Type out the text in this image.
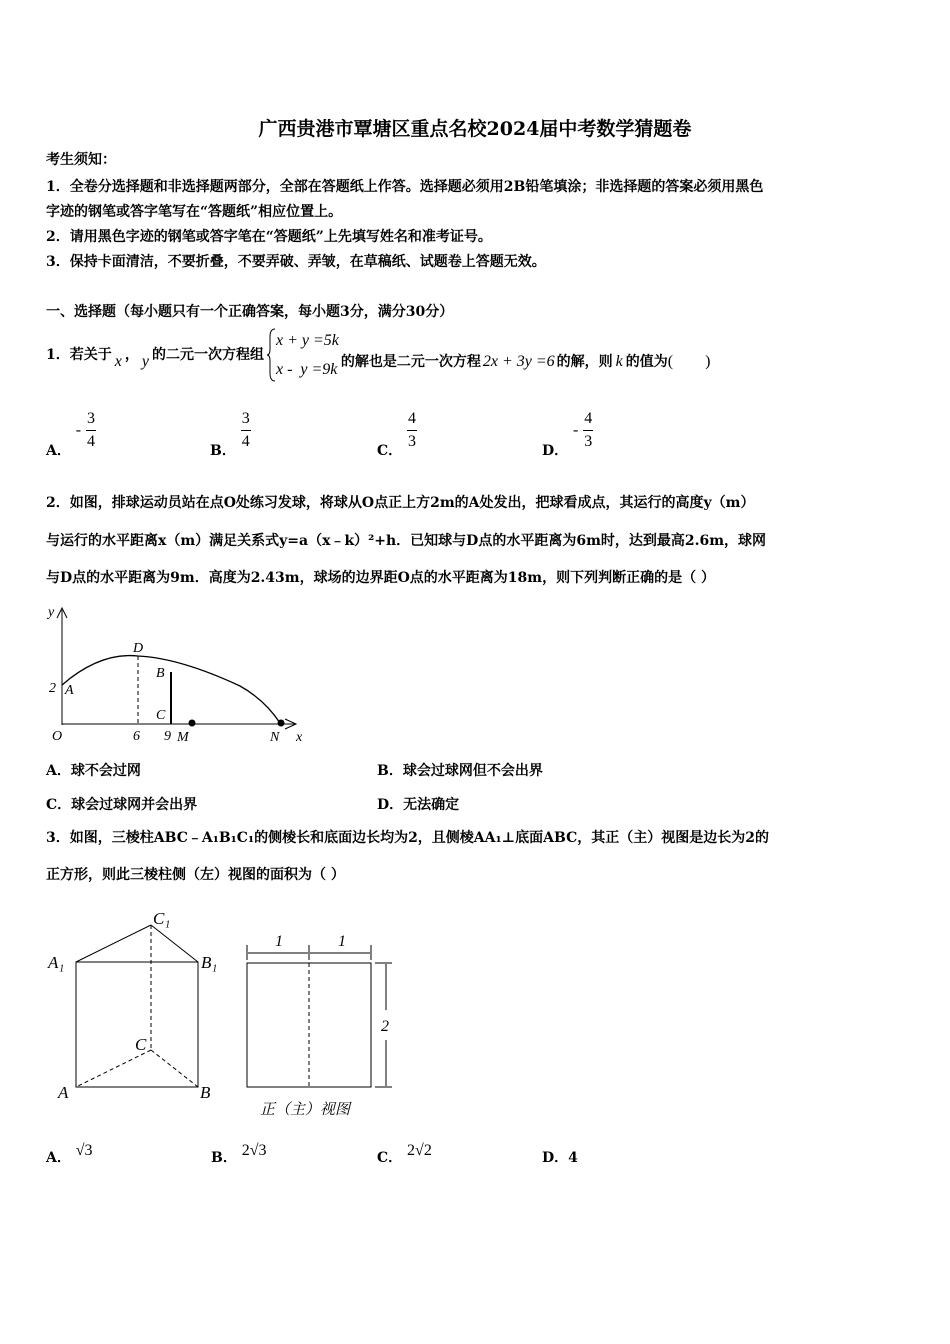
广西贵港市覃塘区重点名校2024届中考数学猜题卷
考生须知：
1．全卷分选择题和非选择题两部分，全部在答题纸上作答。选择题必须用2B铅笔填涂；非选择题的答案必须用黑色
字迹的钢笔或答字笔写在“答题纸”相应位置上。
2．请用黑色字迹的钢笔或答字笔在“答题纸”上先填写姓名和准考证号。
3．保持卡面清洁，不要折叠，不要弄破、弄皱，在草稿纸、试题卷上答题无效。
一、选择题（每小题只有一个正确答案，每小题3分，满分30分）
1．若关于 x ， y 的二元一次方程组
x + y =5k
x -  y =9k 的解也是二元一次方程 2x + 3y =6 的解，则 k 的值为 (        )
A． - $\frac{3}{4}$	B． $\frac{3}{4}$	C． $\frac{4}{3}$	D． - $\frac{4}{3}$
2．如图，排球运动员站在点O处练习发球，将球从O点正上方2m的A处发出，把球看成点，其运行的高度y（m）
与运行的水平距离x（m）满足关系式y=a（x﹣k）²+h．已知球与D点的水平距离为6m时，达到最高2.6m，球网
与D点的水平距离为9m．高度为2.43m，球场的边界距O点的水平距离为18m，则下列判断正确的是（ ）
y
2 A
D
B
C
O	6 9 M	N x
A．球不会过网	B．球会过球网但不会出界
C．球会过球网并会出界	D．无法确定
3．如图，三棱柱ABC﹣A₁B₁C₁的侧棱长和底面边长均为2，且侧棱AA₁⊥底面ABC，其正（主）视图是边长为2的
正方形，则此三棱柱侧（左）视图的面积为（ ）
A₁	B₁
C₁
C
A	B
1	1
2
正（主）视图
A． √3	B． 2√3	C． 2√2	D．4
